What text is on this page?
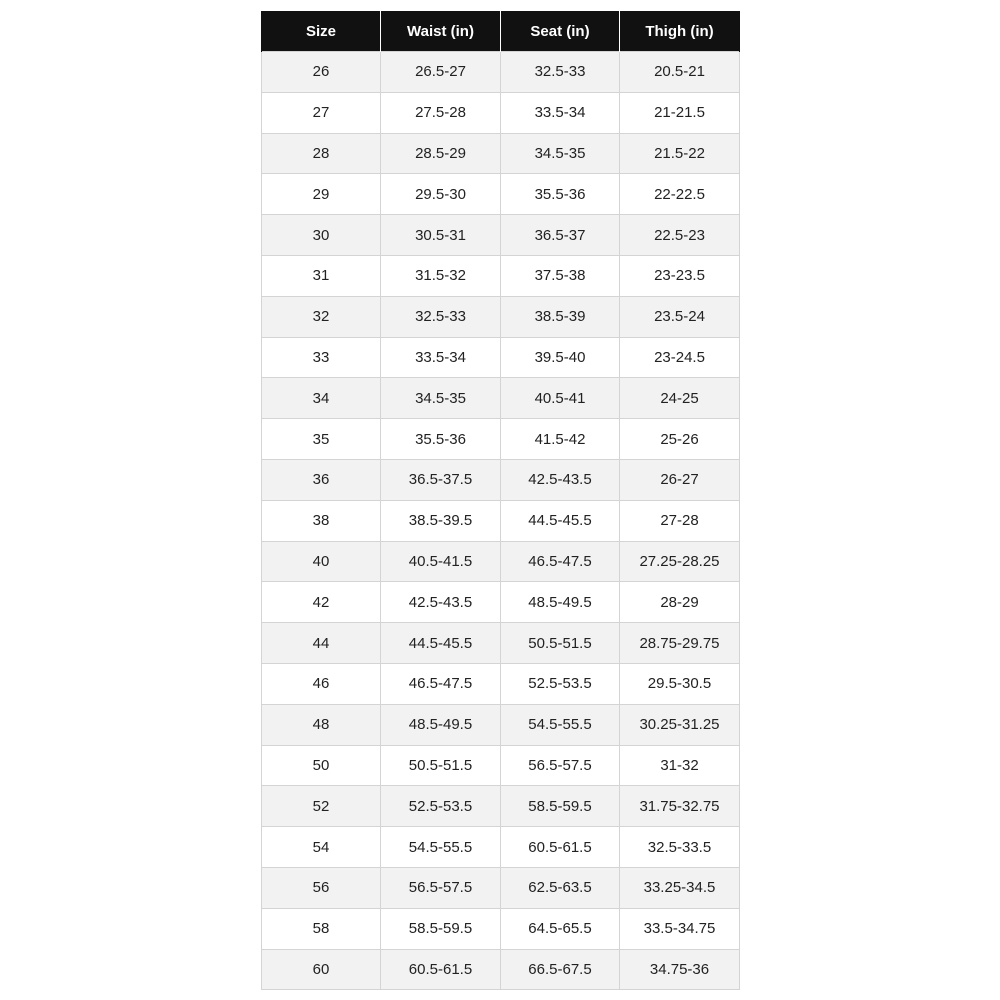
Size	Waist (in)	Seat (in)	Thigh (in)
26	26.5-27	32.5-33	20.5-21
27	27.5-28	33.5-34	21-21.5
28	28.5-29	34.5-35	21.5-22
29	29.5-30	35.5-36	22-22.5
30	30.5-31	36.5-37	22.5-23
31	31.5-32	37.5-38	23-23.5
32	32.5-33	38.5-39	23.5-24
33	33.5-34	39.5-40	23-24.5
34	34.5-35	40.5-41	24-25
35	35.5-36	41.5-42	25-26
36	36.5-37.5	42.5-43.5	26-27
38	38.5-39.5	44.5-45.5	27-28
40	40.5-41.5	46.5-47.5	27.25-28.25
42	42.5-43.5	48.5-49.5	28-29
44	44.5-45.5	50.5-51.5	28.75-29.75
46	46.5-47.5	52.5-53.5	29.5-30.5
48	48.5-49.5	54.5-55.5	30.25-31.25
50	50.5-51.5	56.5-57.5	31-32
52	52.5-53.5	58.5-59.5	31.75-32.75
54	54.5-55.5	60.5-61.5	32.5-33.5
56	56.5-57.5	62.5-63.5	33.25-34.5
58	58.5-59.5	64.5-65.5	33.5-34.75
60	60.5-61.5	66.5-67.5	34.75-36
